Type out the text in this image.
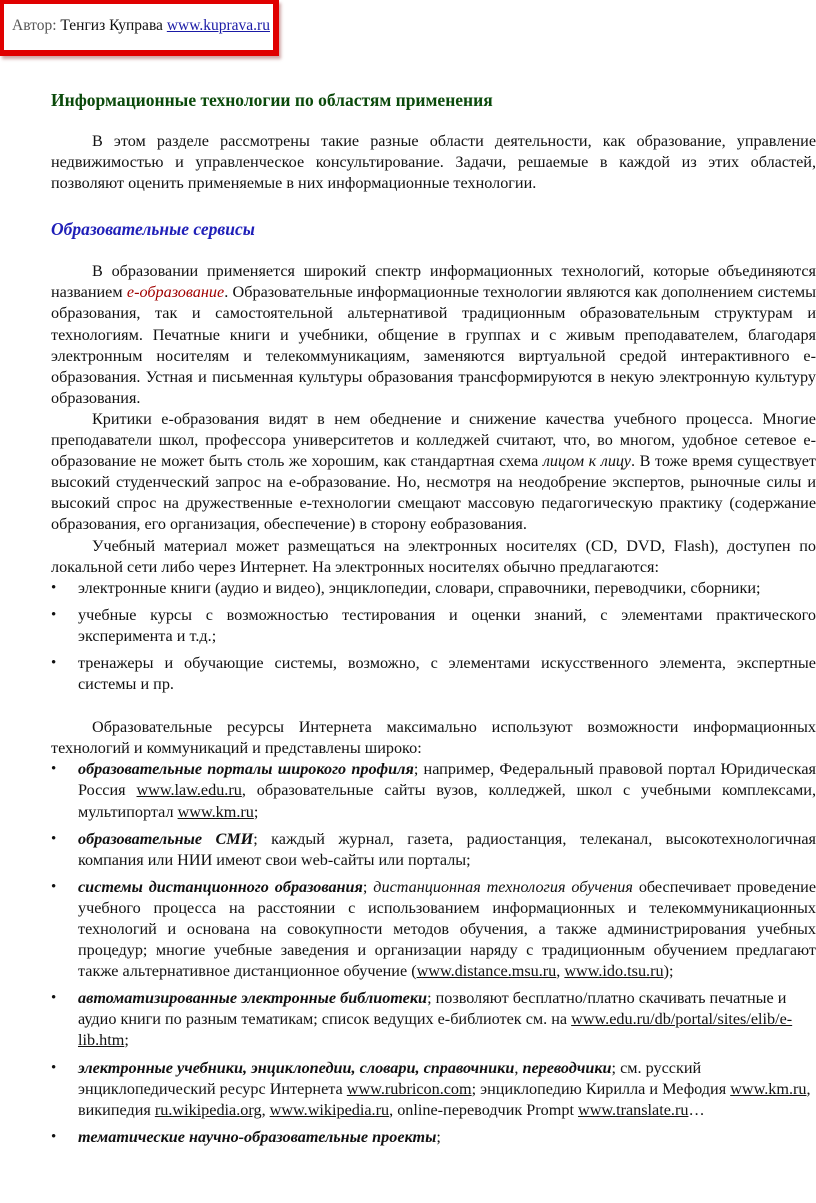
Автор: Тенгиз Куправа www.kuprava.ru
Информационные технологии по областям применения

В этом разделе рассмотрены такие разные области деятельности, как образование, управление недвижимостью и управленческое консультирование. Задачи, решаемые в каждой из этих областей, позволяют оценить применяемые в них информационные технологии.

Образовательные сервисы

В образовании применяется широкий спектр информационных технологий, которые объединяются названием е-образование. Образовательные информационные технологии являются как дополнением системы образования, так и самостоятельной альтернативой традиционным образовательным структурам и технологиям. Печатные книги и учебники, общение в группах и с живым преподавателем, благодаря электронным носителям и телекоммуникациям, заменяются виртуальной средой интерактивного е-образования. Устная и письменная культуры образования трансформируются в некую электронную культуру образования.

Критики е-образования видят в нем обеднение и снижение качества учебного процесса. Многие преподаватели школ, профессора университетов и колледжей считают, что, во многом, удобное сетевое е-образование не может быть столь же хорошим, как стандартная схема лицом к лицу. В тоже время существует высокий студенческий запрос на е-образование. Но, несмотря на неодобрение экспертов, рыночные силы и высокий спрос на дружественные е-технологии смещают массовую педагогическую практику (содержание образования, его организация, обеспечение) в сторону еобразования.

Учебный материал может размещаться на электронных носителях (CD, DVD, Flash), доступен по локальной сети либо через Интернет. На электронных носителях обычно предлагаются:

• электронные книги (аудио и видео), энциклопедии, словари, справочники, переводчики, сборники;
• учебные курсы с возможностью тестирования и оценки знаний, с элементами практического эксперимента и т.д.;
• тренажеры и обучающие системы, возможно, с элементами искусственного элемента, экспертные системы и пр.

Образовательные ресурсы Интернета максимально используют возможности информационных технологий и коммуникаций и представлены широко:

• образовательные порталы широкого профиля; например, Федеральный правовой портал Юридическая Россия www.law.edu.ru, образовательные сайты вузов, колледжей, школ с учебными комплексами, мультипортал www.km.ru;
• образовательные СМИ; каждый журнал, газета, радиостанция, телеканал, высокотехнологичная компания или НИИ имеют свои web-сайты или порталы;
• системы дистанционного образования; дистанционная технология обучения обеспечивает проведение учебного процесса на расстоянии с использованием информационных и телекоммуникационных технологий и основана на совокупности методов обучения, а также администрирования учебных процедур; многие учебные заведения и организации наряду с традиционным обучением предлагают также альтернативное дистанционное обучение (www.distance.msu.ru, www.ido.tsu.ru);
• автоматизированные электронные библиотеки; позволяют бесплатно/платно скачивать печатные и аудио книги по разным тематикам; список ведущих е-библиотек см. на www.edu.ru/db/portal/sites/elib/e-lib.htm;
• электронные учебники, энциклопедии, словари, справочники, переводчики; см. русский энциклопедический ресурс Интернета www.rubricon.com; энциклопедию Кирилла и Мефодия www.km.ru, википедия ru.wikipedia.org, www.wikipedia.ru, online-переводчик Prompt www.translate.ru…
• тематические научно-образовательные проекты;
